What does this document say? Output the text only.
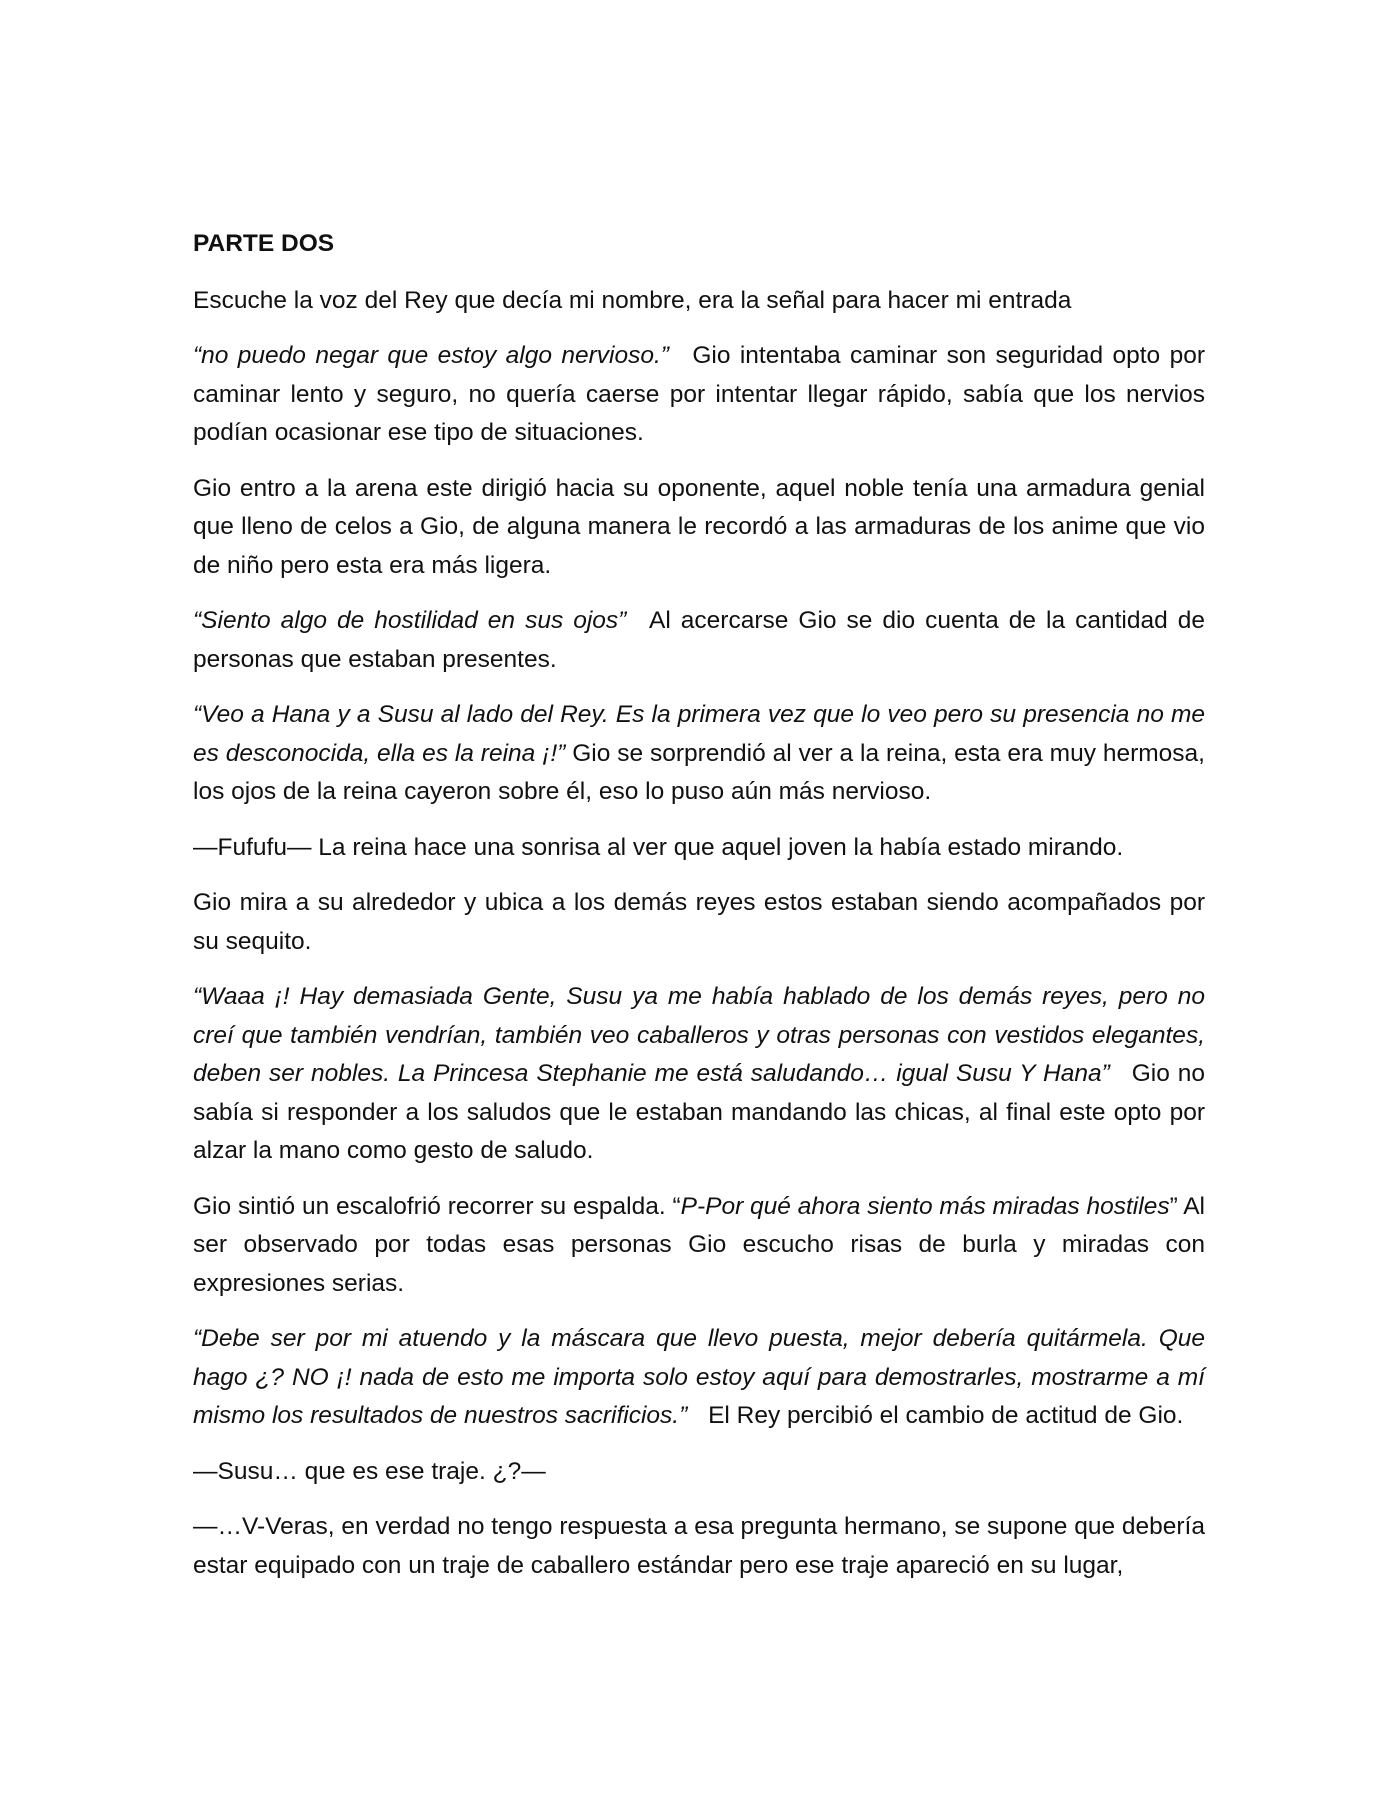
PARTE DOS
Escuche la voz del Rey que decía mi nombre, era la señal para hacer mi entrada
“no puedo negar que estoy algo nervioso.” Gio intentaba caminar son seguridad opto por caminar lento y seguro, no quería caerse por intentar llegar rápido, sabía que los nervios podían ocasionar ese tipo de situaciones.
Gio entro a la arena este dirigió hacia su oponente, aquel noble tenía una armadura genial que lleno de celos a Gio, de alguna manera le recordó a las armaduras de los anime que vio de niño pero esta era más ligera.
“Siento algo de hostilidad en sus ojos” Al acercarse Gio se dio cuenta de la cantidad de personas que estaban presentes.
“Veo a Hana y a Susu al lado del Rey. Es la primera vez que lo veo pero su presencia no me es desconocida, ella es la reina ¡!” Gio se sorprendió al ver a la reina, esta era muy hermosa, los ojos de la reina cayeron sobre él, eso lo puso aún más nervioso.
—Fufufu— La reina hace una sonrisa al ver que aquel joven la había estado mirando.
Gio mira a su alrededor y ubica a los demás reyes estos estaban siendo acompañados por su sequito.
“Waaa ¡! Hay demasiada Gente, Susu ya me había hablado de los demás reyes, pero no creí que también vendrían, también veo caballeros y otras personas con vestidos elegantes, deben ser nobles. La Princesa Stephanie me está saludando… igual Susu Y Hana” Gio no sabía si responder a los saludos que le estaban mandando las chicas, al final este opto por alzar la mano como gesto de saludo.
Gio sintió un escalofrió recorrer su espalda. “P-Por qué ahora siento más miradas hostiles” Al ser observado por todas esas personas Gio escucho risas de burla y miradas con expresiones serias.
“Debe ser por mi atuendo y la máscara que llevo puesta, mejor debería quitármela. Que hago ¿? NO ¡! nada de esto me importa solo estoy aquí para demostrarles, mostrarme a mí mismo los resultados de nuestros sacrificios.” El Rey percibió el cambio de actitud de Gio.
—Susu… que es ese traje. ¿?—
—…V-Veras, en verdad no tengo respuesta a esa pregunta hermano, se supone que debería estar equipado con un traje de caballero estándar pero ese traje apareció en su lugar,
